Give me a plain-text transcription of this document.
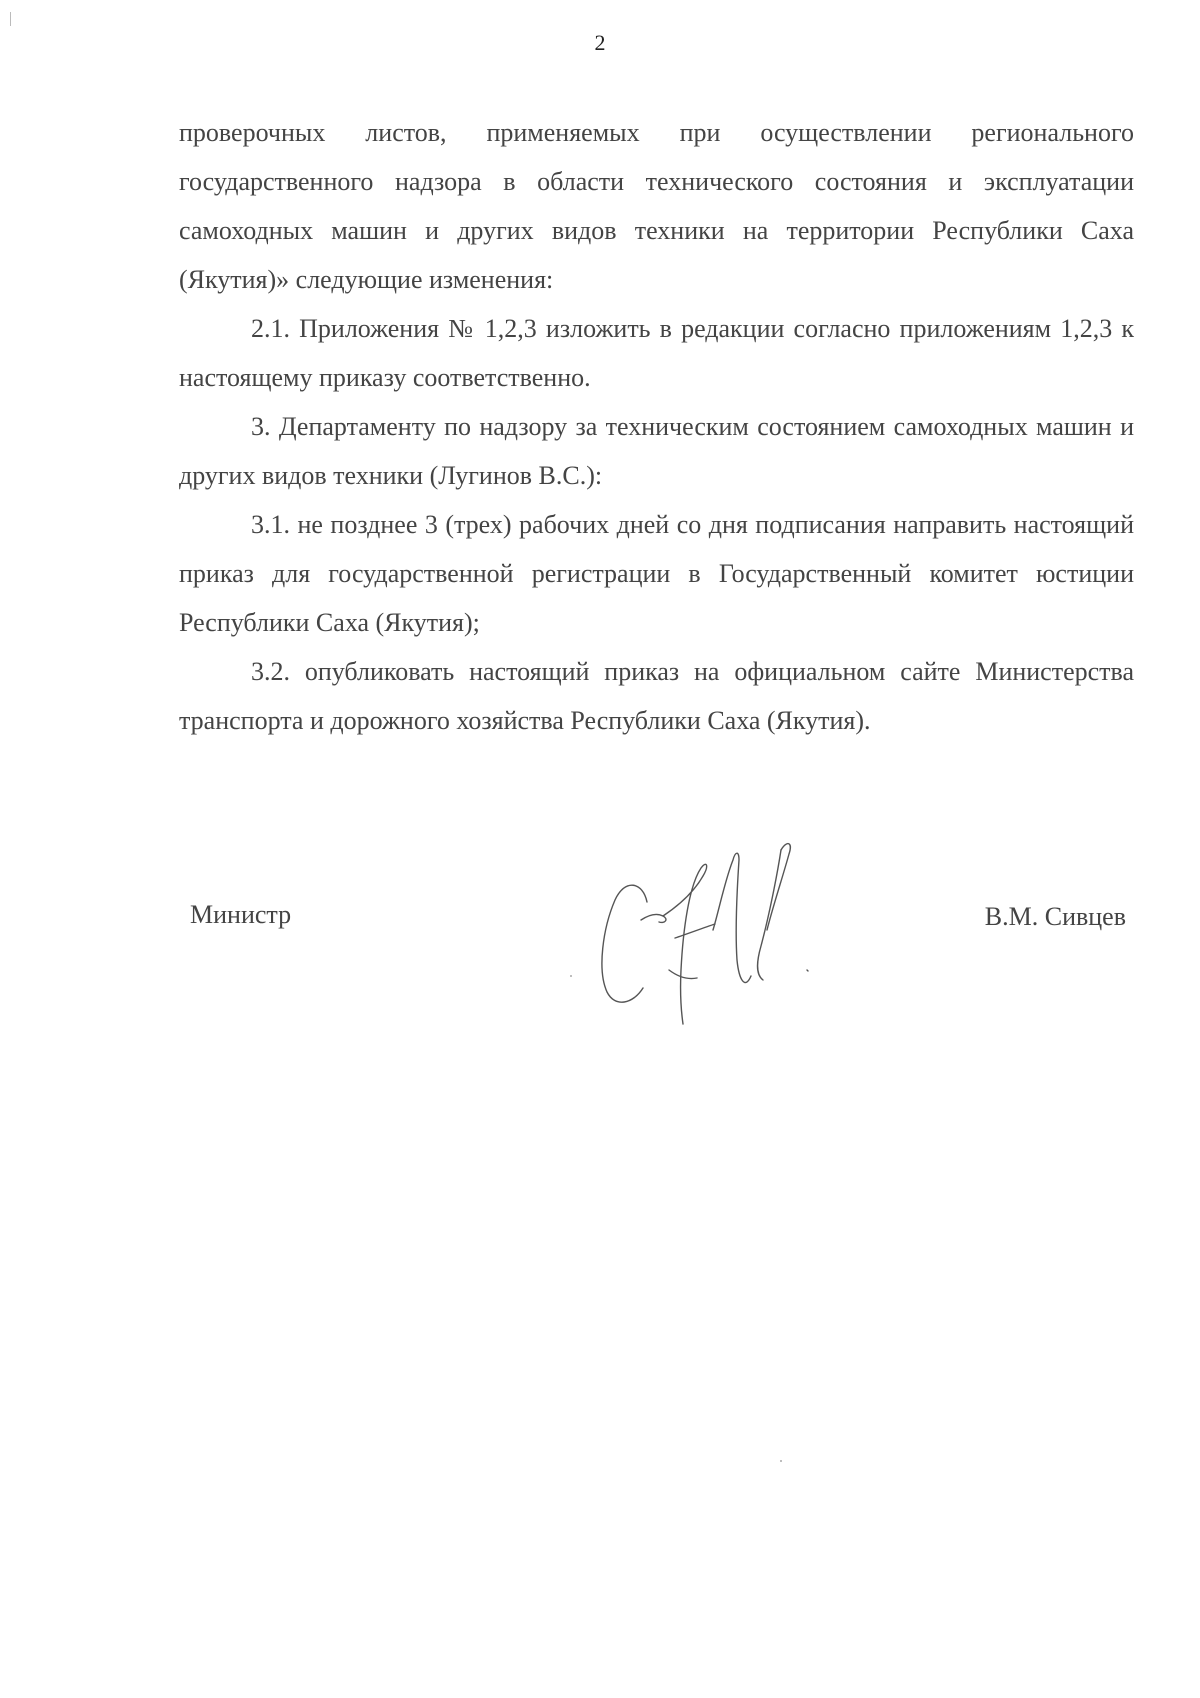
2

проверочных листов, применяемых при осуществлении регионального государственного надзора в области технического состояния и эксплуатации самоходных машин и других видов техники на территории Республики Саха (Якутия)» следующие изменения:

2.1. Приложения № 1,2,3 изложить в редакции согласно приложениям 1,2,3 к настоящему приказу соответственно.

3. Департаменту по надзору за техническим состоянием самоходных машин и других видов техники (Лугинов В.С.):

3.1. не позднее 3 (трех) рабочих дней со дня подписания направить настоящий приказ для государственной регистрации в Государственный комитет юстиции Республики Саха (Якутия);

3.2. опубликовать настоящий приказ на официальном сайте Министерства транспорта и дорожного хозяйства Республики Саха (Якутия).

Министр	В.М. Сивцев
